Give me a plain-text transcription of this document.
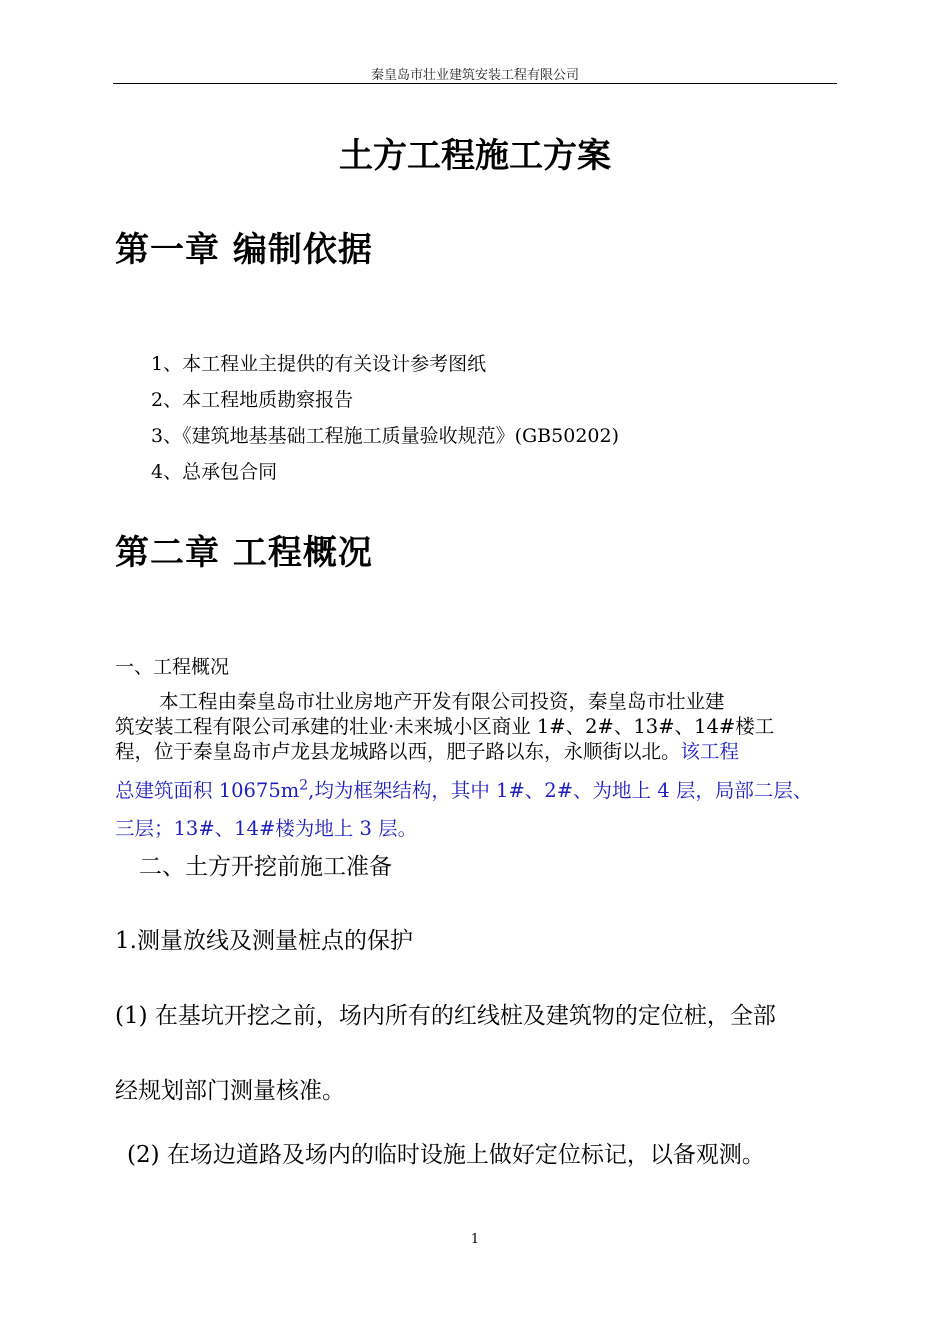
秦皇岛市壮业建筑安装工程有限公司

土方工程施工方案
第一章 编制依据

1、本工程业主提供的有关设计参考图纸

2、本工程地质勘察报告

3、《建筑地基基础工程施工质量验收规范》(GB50202)

4、总承包合同

第二章 工程概况

一、工程概况

本工程由秦皇岛市壮业房地产开发有限公司投资，秦皇岛市壮业建

筑安装工程有限公司承建的壮业·未来城小区商业 1#、2#、13#、14#楼工

程，位于秦皇岛市卢龙县龙城路以西，肥子路以东，永顺街以北。该工程

总建筑面积 $10675m^2$,均为框架结构，其中 1#、2#、为地上 4 层，局部二层、

三层；13#、14#楼为地上 3 层。

二、土方开挖前施工准备

1.测量放线及测量桩点的保护

(1) 在基坑开挖之前，场内所有的红线桩及建筑物的定位桩，全部

经规划部门测量核准。

(2) 在场边道路及场内的临时设施上做好定位标记，以备观测。

1
